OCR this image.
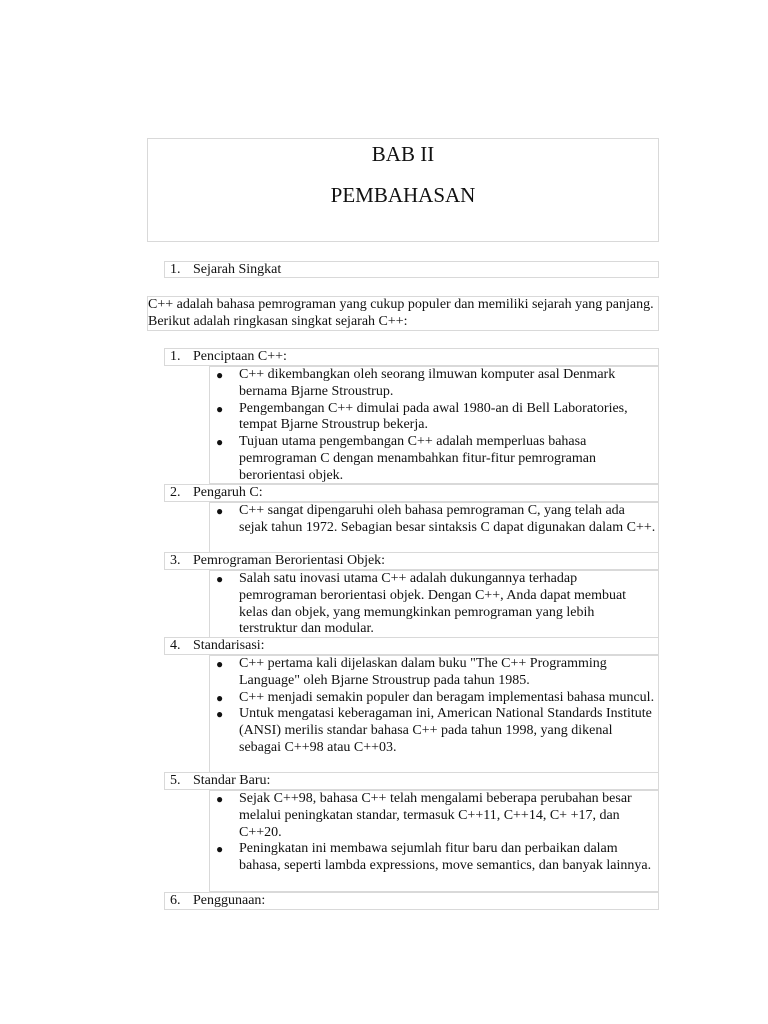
BAB II
PEMBAHASAN
1. Sejarah Singkat

C++ adalah bahasa pemrograman yang cukup populer dan memiliki sejarah yang panjang. Berikut adalah ringkasan singkat sejarah C++:

1. Penciptaan C++:
● C++ dikembangkan oleh seorang ilmuwan komputer asal Denmark bernama Bjarne Stroustrup.
● Pengembangan C++ dimulai pada awal 1980-an di Bell Laboratories, tempat Bjarne Stroustrup bekerja.
● Tujuan utama pengembangan C++ adalah memperluas bahasa pemrograman C dengan menambahkan fitur-fitur pemrograman berorientasi objek.
2. Pengaruh C:
● C++ sangat dipengaruhi oleh bahasa pemrograman C, yang telah ada sejak tahun 1972. Sebagian besar sintaksis C dapat digunakan dalam C++.
3. Pemrograman Berorientasi Objek:
● Salah satu inovasi utama C++ adalah dukungannya terhadap pemrograman berorientasi objek. Dengan C++, Anda dapat membuat kelas dan objek, yang memungkinkan pemrograman yang lebih terstruktur dan modular.
4. Standarisasi:
● C++ pertama kali dijelaskan dalam buku "The C++ Programming Language" oleh Bjarne Stroustrup pada tahun 1985.
● C++ menjadi semakin populer dan beragam implementasi bahasa muncul.
● Untuk mengatasi keberagaman ini, American National Standards Institute (ANSI) merilis standar bahasa C++ pada tahun 1998, yang dikenal sebagai C++98 atau C++03.
5. Standar Baru:
● Sejak C++98, bahasa C++ telah mengalami beberapa perubahan besar melalui peningkatan standar, termasuk C++11, C++14, C+ +17, dan C++20.
● Peningkatan ini membawa sejumlah fitur baru dan perbaikan dalam bahasa, seperti lambda expressions, move semantics, dan banyak lainnya.
6. Penggunaan:
